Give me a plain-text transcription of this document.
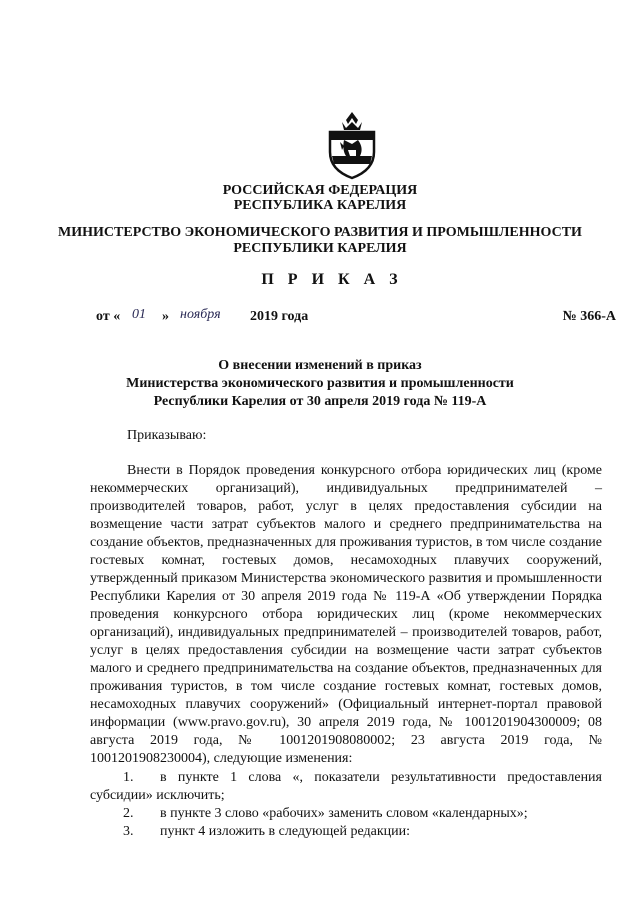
РОССИЙСКАЯ ФЕДЕРАЦИЯ
РЕСПУБЛИКА КАРЕЛИЯ
МИНИСТЕРСТВО ЭКОНОМИЧЕСКОГО РАЗВИТИЯ И ПРОМЫШЛЕННОСТИ
РЕСПУБЛИКИ КАРЕЛИЯ
П Р И К А З
от « 01 » ноября 2019 года	№ 366-А
О внесении изменений в приказ
Министерства экономического развития и промышленности
Республики Карелия от 30 апреля 2019 года № 119-А
Приказываю:
Внести в Порядок проведения конкурсного отбора юридических лиц (кроме некоммерческих организаций), индивидуальных предпринимателей – производителей товаров, работ, услуг в целях предоставления субсидии на возмещение части затрат субъектов малого и среднего предпринимательства на создание объектов, предназначенных для проживания туристов, в том числе создание гостевых комнат, гостевых домов, несамоходных плавучих сооружений, утвержденный приказом Министерства экономического развития и промышленности Республики Карелия от 30 апреля 2019 года № 119-А «Об утверждении Порядка проведения конкурсного отбора юридических лиц (кроме некоммерческих организаций), индивидуальных предпринимателей – производителей товаров, работ, услуг в целях предоставления субсидии на возмещение части затрат субъектов малого и среднего предпринимательства на создание объектов, предназначенных для проживания туристов, в том числе создание гостевых комнат, гостевых домов, несамоходных плавучих сооружений» (Официальный интернет-портал правовой информации (www.pravo.gov.ru), 30 апреля 2019 года, № 1001201904300009; 08 августа 2019 года, № 1001201908080002; 23 августа 2019 года, № 1001201908230004), следующие изменения:
1.	в пункте 1 слова «, показатели результативности предоставления субсидии» исключить;
2.	в пункте 3 слово «рабочих» заменить словом «календарных»;
3.	пункт 4 изложить в следующей редакции:
